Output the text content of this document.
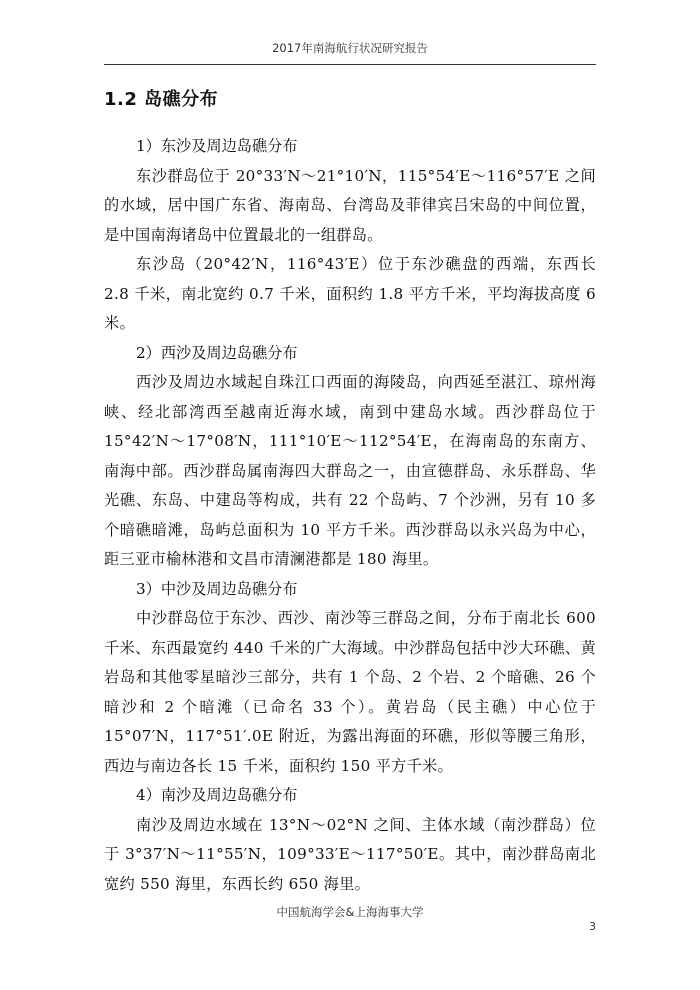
2017年南海航行状况研究报告
1.2 岛礁分布

1）东沙及周边岛礁分布

东沙群岛位于 20°33′N～21°10′N，115°54′E～116°57′E 之间的水域，居中国广东省、海南岛、台湾岛及菲律宾吕宋岛的中间位置，是中国南海诸岛中位置最北的一组群岛。

东沙岛（20°42′N，116°43′E）位于东沙礁盘的西端，东西长 2.8 千米，南北宽约 0.7 千米，面积约 1.8 平方千米，平均海拔高度 6 米。

2）西沙及周边岛礁分布

西沙及周边水域起自珠江口西面的海陵岛，向西延至湛江、琼州海峡、经北部湾西至越南近海水域，南到中建岛水域。西沙群岛位于 15°42′N～17°08′N，111°10′E～112°54′E，在海南岛的东南方、南海中部。西沙群岛属南海四大群岛之一，由宣德群岛、永乐群岛、华光礁、东岛、中建岛等构成，共有 22 个岛屿、7 个沙洲，另有 10 多个暗礁暗滩，岛屿总面积为 10 平方千米。西沙群岛以永兴岛为中心，距三亚市榆林港和文昌市清澜港都是 180 海里。

3）中沙及周边岛礁分布

中沙群岛位于东沙、西沙、南沙等三群岛之间，分布于南北长 600 千米、东西最宽约 440 千米的广大海域。中沙群岛包括中沙大环礁、黄岩岛和其他零星暗沙三部分，共有 1 个岛、2 个岩、2 个暗礁、26 个暗沙和 2 个暗滩（已命名 33 个）。黄岩岛（民主礁）中心位于 15°07′N，117°51′.0E 附近，为露出海面的环礁，形似等腰三角形，西边与南边各长 15 千米，面积约 150 平方千米。

4）南沙及周边岛礁分布

南沙及周边水域在 13°N～02°N 之间、主体水域（南沙群岛）位于 3°37′N～11°55′N，109°33′E～117°50′E。其中，南沙群岛南北宽约 550 海里，东西长约 650 海里。

中国航海学会&上海海事大学
3
